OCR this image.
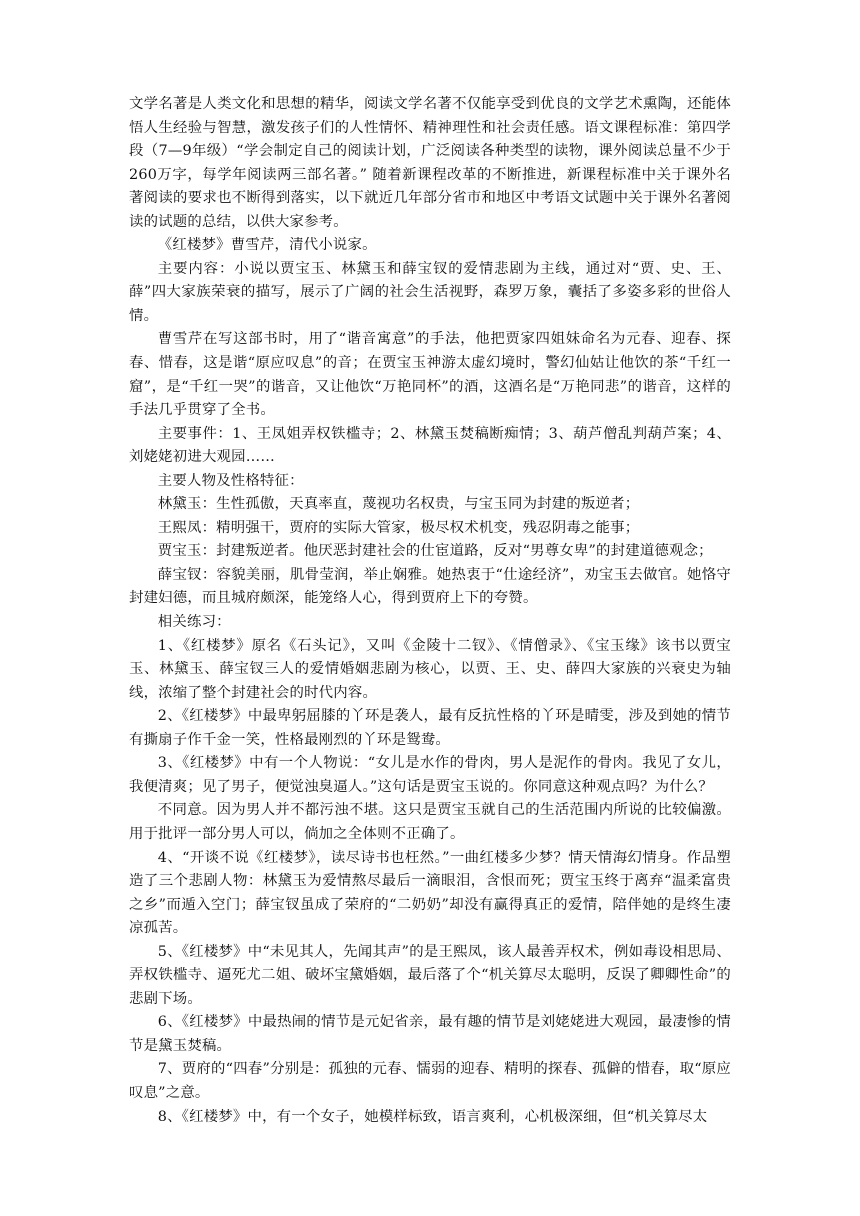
文学名著是人类文化和思想的精华，阅读文学名著不仅能享受到优良的文学艺术熏陶，还能体悟人生经验与智慧，激发孩子们的人性情怀、精神理性和社会责任感。语文课程标准：第四学段（7—9年级）“学会制定自己的阅读计划，广泛阅读各种类型的读物，课外阅读总量不少于260万字，每学年阅读两三部名著。” 随着新课程改革的不断推进，新课程标准中关于课外名著阅读的要求也不断得到落实，以下就近几年部分省市和地区中考语文试题中关于课外名著阅读的试题的总结，以供大家参考。

《红楼梦》曹雪芹，清代小说家。

主要内容：小说以贾宝玉、林黛玉和薛宝钗的爱情悲剧为主线，通过对“贾、史、王、薛”四大家族荣衰的描写，展示了广阔的社会生活视野，森罗万象，囊括了多姿多彩的世俗人情。

曹雪芹在写这部书时，用了“谐音寓意”的手法，他把贾家四姐妹命名为元春、迎春、探春、惜春，这是谐“原应叹息”的音；在贾宝玉神游太虚幻境时，警幻仙姑让他饮的茶“千红一窟”，是“千红一哭”的谐音，又让他饮“万艳同杯”的酒，这酒名是“万艳同悲”的谐音，这样的手法几乎贯穿了全书。

主要事件：1、王凤姐弄权铁槛寺；2、林黛玉焚稿断痴情；3、葫芦僧乱判葫芦案；4、刘姥姥初进大观园……

主要人物及性格特征：

林黛玉：生性孤傲，天真率直，蔑视功名权贵，与宝玉同为封建的叛逆者；

王熙凤：精明强干，贾府的实际大管家，极尽权术机变，残忍阴毒之能事；

贾宝玉：封建叛逆者。他厌恶封建社会的仕宦道路，反对“男尊女卑”的封建道德观念；

薛宝钗：容貌美丽，肌骨莹润，举止娴雅。她热衷于“仕途经济”，劝宝玉去做官。她恪守封建妇德，而且城府颇深，能笼络人心，得到贾府上下的夸赞。

相关练习：

1、《红楼梦》原名《石头记》，又叫《金陵十二钗》、《情僧录》、《宝玉缘》该书以贾宝玉、林黛玉、薛宝钗三人的爱情婚姻悲剧为核心，以贾、王、史、薛四大家族的兴衰史为轴线，浓缩了整个封建社会的时代内容。

2、《红楼梦》中最卑躬屈膝的丫环是袭人，最有反抗性格的丫环是晴雯，涉及到她的情节有撕扇子作千金一笑，性格最刚烈的丫环是鸳鸯。

3、《红楼梦》中有一个人物说：“女儿是水作的骨肉，男人是泥作的骨肉。我见了女儿，我便清爽；见了男子，便觉浊臭逼人。”这句话是贾宝玉说的。你同意这种观点吗？为什么？

不同意。因为男人并不都污浊不堪。这只是贾宝玉就自己的生活范围内所说的比较偏激。用于批评一部分男人可以，倘加之全体则不正确了。

4、“开谈不说《红楼梦》，读尽诗书也枉然。”一曲红楼多少梦？情天情海幻情身。作品塑造了三个悲剧人物：林黛玉为爱情熬尽最后一滴眼泪，含恨而死；贾宝玉终于离弃“温柔富贵之乡”而遁入空门；薛宝钗虽成了荣府的“二奶奶”却没有赢得真正的爱情，陪伴她的是终生凄凉孤苦。

5、《红楼梦》中“未见其人，先闻其声”的是王熙凤，该人最善弄权术，例如毒设相思局、弄权铁槛寺、逼死尤二姐、破坏宝黛婚姻，最后落了个“机关算尽太聪明，反误了卿卿性命”的悲剧下场。

6、《红楼梦》中最热闹的情节是元妃省亲，最有趣的情节是刘姥姥进大观园，最凄惨的情节是黛玉焚稿。

7、贾府的“四春”分别是：孤独的元春、懦弱的迎春、精明的探春、孤僻的惜春，取“原应叹息”之意。

8、《红楼梦》中，有一个女子，她模样标致，语言爽利，心机极深细，但“机关算尽太
